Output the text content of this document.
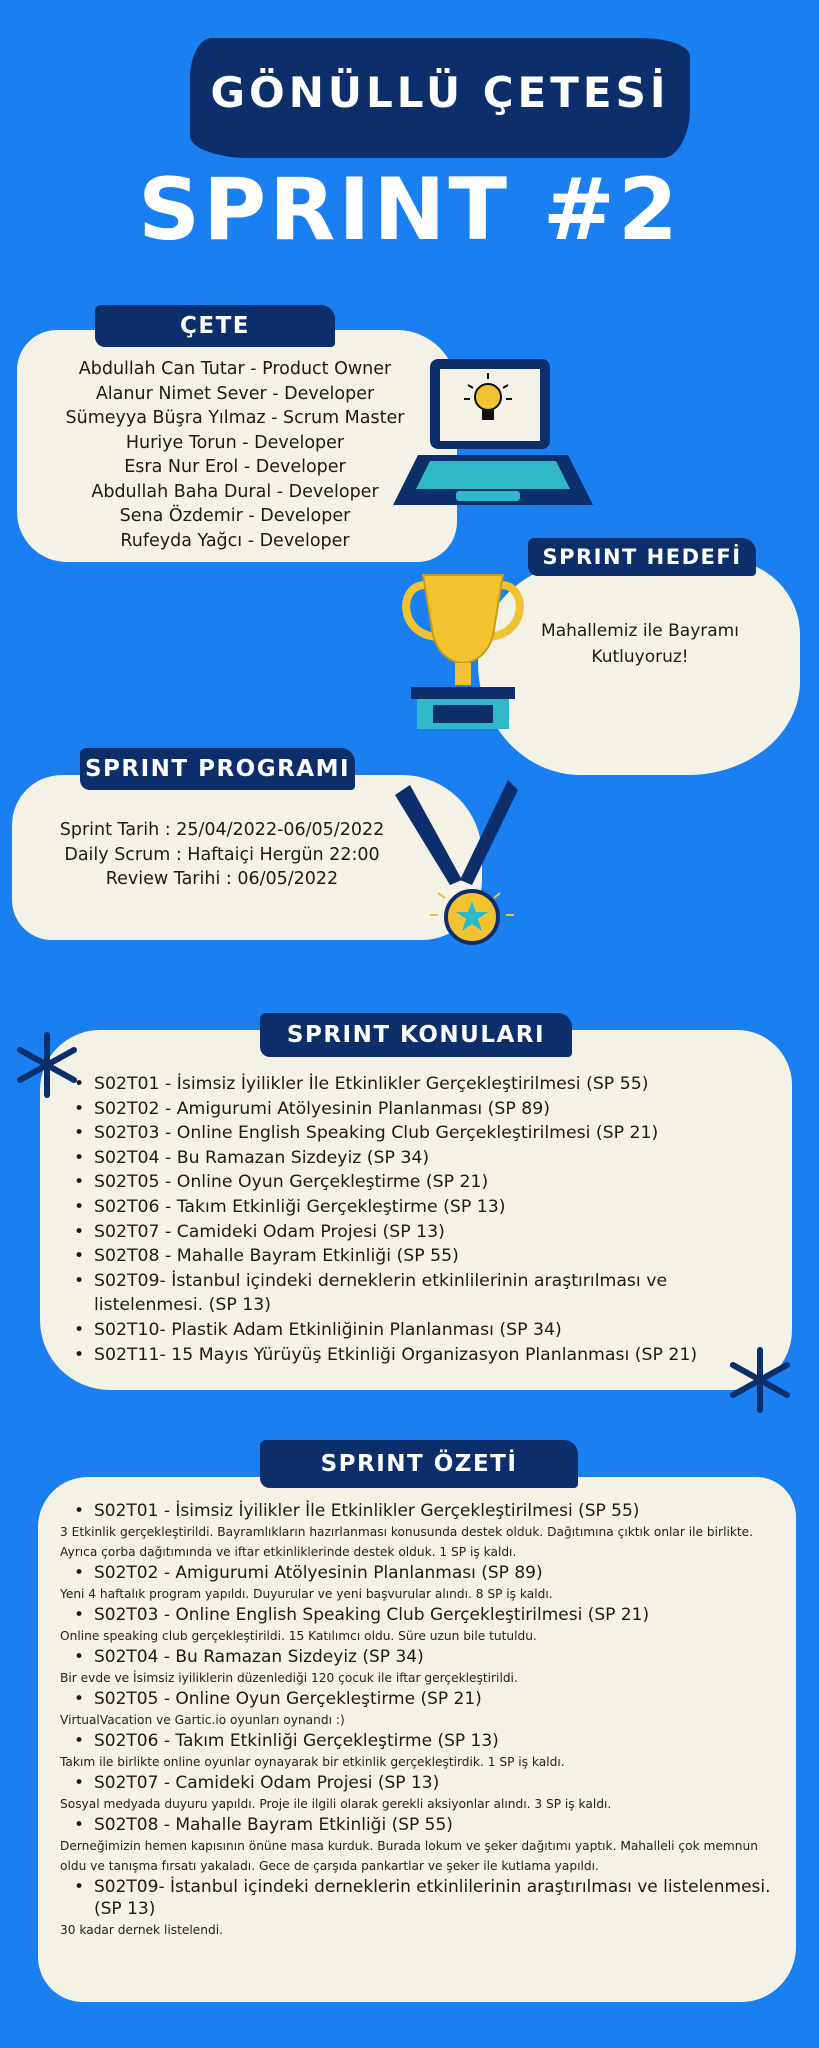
GÖNÜLLÜ ÇETESİ
SPRINT #2
ÇETE
Abdullah Can Tutar - Product Owner
Alanur Nimet Sever - Developer
Sümeyya Büşra Yılmaz - Scrum Master
Huriye Torun - Developer
Esra Nur Erol - Developer
Abdullah Baha Dural - Developer
Sena Özdemir - Developer
Rufeyda Yağcı - Developer
SPRINT HEDEFİ
Mahallemiz ile Bayramı Kutluyoruz!
SPRINT PROGRAMI
Sprint Tarih : 25/04/2022-06/05/2022
Daily Scrum : Haftaiçi Hergün 22:00
Review Tarihi : 06/05/2022
SPRINT KONULARI
• S02T01 - İsimsiz İyilikler İle Etkinlikler Gerçekleştirilmesi (SP 55)
• S02T02 - Amigurumi Atölyesinin Planlanması (SP 89)
• S02T03 - Online English Speaking Club Gerçekleştirilmesi (SP 21)
• S02T04 - Bu Ramazan Sizdeyiz (SP 34)
• S02T05 - Online Oyun Gerçekleştirme (SP 21)
• S02T06 - Takım Etkinliği Gerçekleştirme (SP 13)
• S02T07 - Camideki Odam Projesi (SP 13)
• S02T08 - Mahalle Bayram Etkinliği (SP 55)
• S02T09- İstanbul içindeki derneklerin etkinlilerinin araştırılması ve listelenmesi. (SP 13)
• S02T10- Plastik Adam Etkinliğinin Planlanması (SP 34)
• S02T11- 15 Mayıs Yürüyüş Etkinliği Organizasyon Planlanması (SP 21)
SPRINT ÖZETİ
• S02T01 - İsimsiz İyilikler İle Etkinlikler Gerçekleştirilmesi (SP 55)
3 Etkinlik gerçekleştirildi. Bayramlıkların hazırlanması konusunda destek olduk. Dağıtımına çıktık onlar ile birlikte. Ayrıca çorba dağıtımında ve iftar etkinliklerinde destek olduk. 1 SP iş kaldı.
• S02T02 - Amigurumi Atölyesinin Planlanması (SP 89)
Yeni 4 haftalık program yapıldı. Duyurular ve yeni başvurular alındı. 8 SP iş kaldı.
• S02T03 - Online English Speaking Club Gerçekleştirilmesi (SP 21)
Online speaking club gerçekleştirildi. 15 Katılımcı oldu. Süre uzun bile tutuldu.
• S02T04 - Bu Ramazan Sizdeyiz (SP 34)
Bir evde ve İsimsiz iyiliklerin düzenlediği 120 çocuk ile iftar gerçekleştirildi.
• S02T05 - Online Oyun Gerçekleştirme (SP 21)
VirtualVacation ve Gartic.io oyunları oynandı :)
• S02T06 - Takım Etkinliği Gerçekleştirme (SP 13)
Takım ile birlikte online oyunlar oynayarak bir etkinlik gerçekleştirdik. 1 SP iş kaldı.
• S02T07 - Camideki Odam Projesi (SP 13)
Sosyal medyada duyuru yapıldı. Proje ile ilgili olarak gerekli aksiyonlar alındı. 3 SP iş kaldı.
• S02T08 - Mahalle Bayram Etkinliği (SP 55)
Derneğimizin hemen kapısının önüne masa kurduk. Burada lokum ve şeker dağıtımı yaptık. Mahalleli çok memnun oldu ve tanışma fırsatı yakaladı. Gece de çarşıda pankartlar ve şeker ile kutlama yapıldı.
• S02T09- İstanbul içindeki derneklerin etkinlilerinin araştırılması ve listelenmesi. (SP 13)
30 kadar dernek listelendi.
